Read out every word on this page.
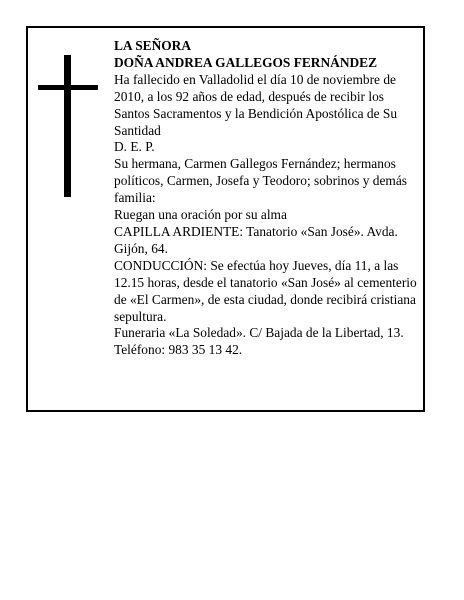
LA SEÑORA
DOÑA ANDREA GALLEGOS FERNÁNDEZ
Ha fallecido en Valladolid el día 10 de noviembre de 2010, a los 92 años de edad, después de recibir los Santos Sacramentos y la Bendición Apostólica de Su Santidad
D. E. P.
Su hermana, Carmen Gallegos Fernández; hermanos políticos, Carmen, Josefa y Teodoro; sobrinos y demás familia:
Ruegan una oración por su alma
CAPILLA ARDIENTE: Tanatorio «San José». Avda. Gijón, 64.
CONDUCCIÓN: Se efectúa hoy Jueves, día 11, a las 12.15 horas, desde el tanatorio «San José» al cementerio de «El Carmen», de esta ciudad, donde recibirá cristiana sepultura.
Funeraria «La Soledad». C/ Bajada de la Libertad, 13. Teléfono: 983 35 13 42.
